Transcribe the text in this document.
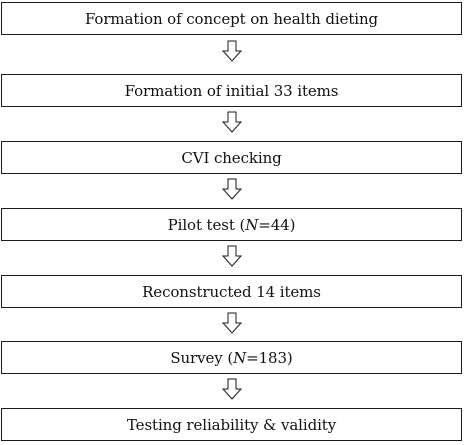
Formation of concept on health dieting
Formation of initial 33 items
CVI checking
Pilot test (N=44)
Reconstructed 14 items
Survey (N=183)
Testing reliability & validity
